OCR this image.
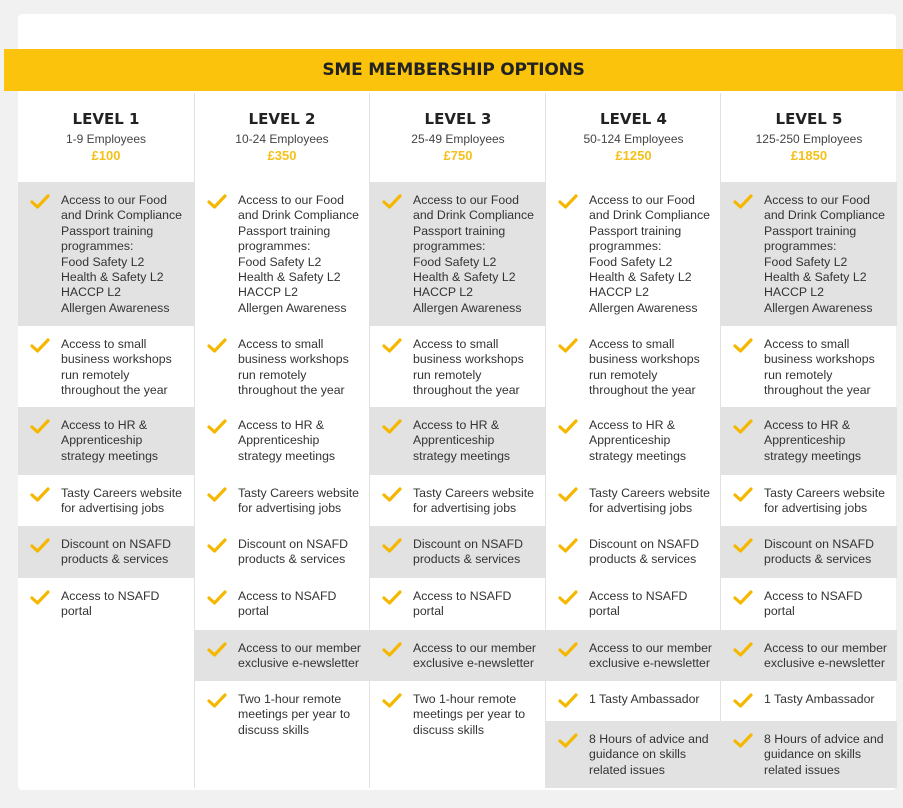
SME MEMBERSHIP OPTIONS
LEVEL 1
1-9 Employees
£100
Access to our Food
and Drink Compliance
Passport training
programmes:
Food Safety L2
Health & Safety L2
HACCP L2
Allergen Awareness
Access to small
business workshops
run remotely
throughout the year
Access to HR &
Apprenticeship
strategy meetings
Tasty Careers website
for advertising jobs
Discount on NSAFD
products & services
Access to NSAFD
portal
LEVEL 2
10-24 Employees
£350
Access to our Food
and Drink Compliance
Passport training
programmes:
Food Safety L2
Health & Safety L2
HACCP L2
Allergen Awareness
Access to small
business workshops
run remotely
throughout the year
Access to HR &
Apprenticeship
strategy meetings
Tasty Careers website
for advertising jobs
Discount on NSAFD
products & services
Access to NSAFD
portal
Access to our member
exclusive e-newsletter
Two 1-hour remote
meetings per year to
discuss skills
LEVEL 3
25-49 Employees
£750
Access to our Food
and Drink Compliance
Passport training
programmes:
Food Safety L2
Health & Safety L2
HACCP L2
Allergen Awareness
Access to small
business workshops
run remotely
throughout the year
Access to HR &
Apprenticeship
strategy meetings
Tasty Careers website
for advertising jobs
Discount on NSAFD
products & services
Access to NSAFD
portal
Access to our member
exclusive e-newsletter
Two 1-hour remote
meetings per year to
discuss skills
LEVEL 4
50-124 Employees
£1250
Access to our Food
and Drink Compliance
Passport training
programmes:
Food Safety L2
Health & Safety L2
HACCP L2
Allergen Awareness
Access to small
business workshops
run remotely
throughout the year
Access to HR &
Apprenticeship
strategy meetings
Tasty Careers website
for advertising jobs
Discount on NSAFD
products & services
Access to NSAFD
portal
Access to our member
exclusive e-newsletter
1 Tasty Ambassador
8 Hours of advice and
guidance on skills
related issues
LEVEL 5
125-250 Employees
£1850
Access to our Food
and Drink Compliance
Passport training
programmes:
Food Safety L2
Health & Safety L2
HACCP L2
Allergen Awareness
Access to small
business workshops
run remotely
throughout the year
Access to HR &
Apprenticeship
strategy meetings
Tasty Careers website
for advertising jobs
Discount on NSAFD
products & services
Access to NSAFD
portal
Access to our member
exclusive e-newsletter
1 Tasty Ambassador
8 Hours of advice and
guidance on skills
related issues
